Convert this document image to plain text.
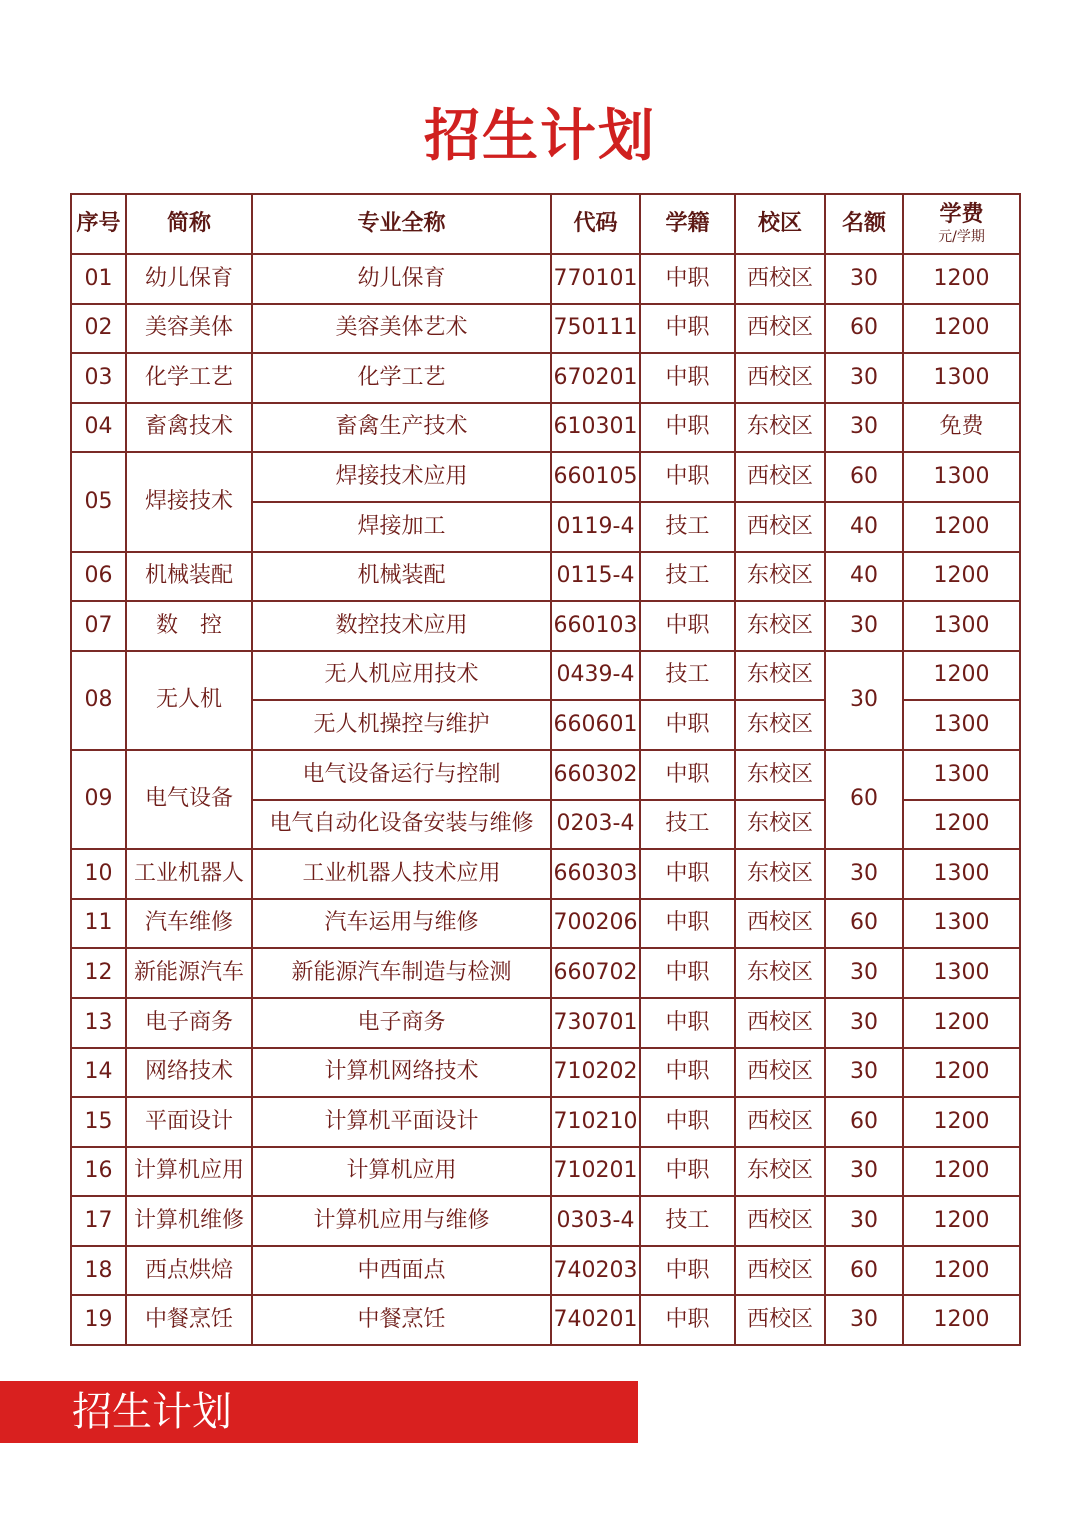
招生计划
序号	简称	专业全称	代码	学籍	校区	名额	学费
元/学期

01	幼儿保育	幼儿保育	770101	中职	西校区	30	1200
02	美容美体	美容美体艺术	750111	中职	西校区	60	1200
03	化学工艺	化学工艺	670201	中职	西校区	30	1300
04	畜禽技术	畜禽生产技术	610301	中职	东校区	30	免费
05	焊接技术	焊接技术应用	660105	中职	西校区	60	1300
		焊接加工	0119-4	技工	西校区	40	1200
06	机械装配	机械装配	0115-4	技工	东校区	40	1200
07	数　控	数控技术应用	660103	中职	东校区	30	1300
08	无人机	无人机应用技术	0439-4	技工	东校区	30	1200
		无人机操控与维护	660601	中职	东校区		1300
09	电气设备	电气设备运行与控制	660302	中职	东校区	60	1300
		电气自动化设备安装与维修	0203-4	技工	东校区		1200
10	工业机器人	工业机器人技术应用	660303	中职	东校区	30	1300
11	汽车维修	汽车运用与维修	700206	中职	西校区	60	1300
12	新能源汽车	新能源汽车制造与检测	660702	中职	东校区	30	1300
13	电子商务	电子商务	730701	中职	西校区	30	1200
14	网络技术	计算机网络技术	710202	中职	西校区	30	1200
15	平面设计	计算机平面设计	710210	中职	西校区	60	1200
16	计算机应用	计算机应用	710201	中职	东校区	30	1200
17	计算机维修	计算机应用与维修	0303-4	技工	西校区	30	1200
18	西点烘焙	中西面点	740203	中职	西校区	60	1200
19	中餐烹饪	中餐烹饪	740201	中职	西校区	30	1200
招生计划
